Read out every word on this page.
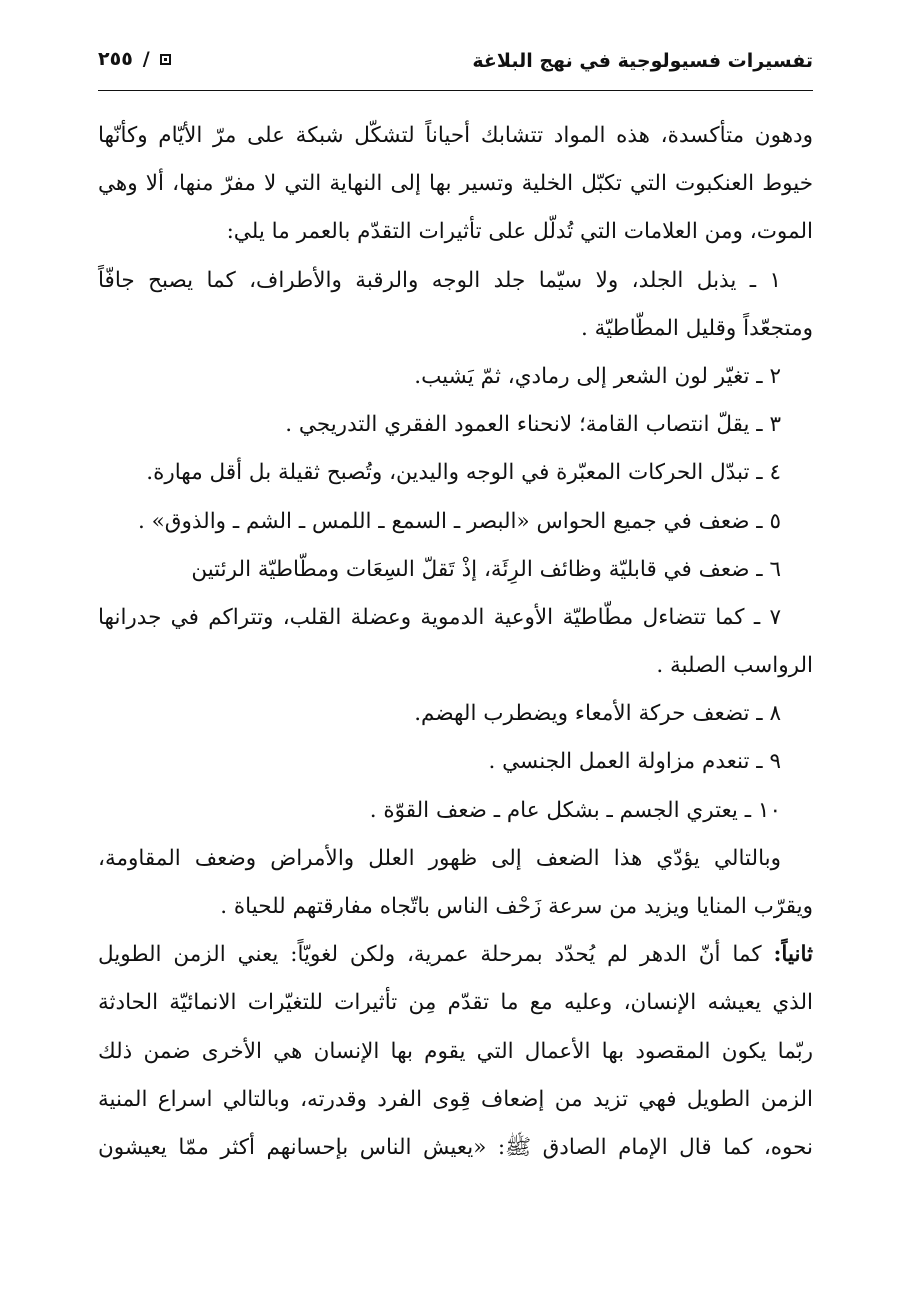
تفسيرات فسيولوجية في نهج البلاغة
٢٥٥ /
ودهون متأكسدة، هذه المواد تتشابك أحياناً لتشكّل شبكة على مرّ الأيّام وكأنّها
خيوط العنكبوت التي تكبّل الخلية وتسير بها إلى النهاية التي لا مفرّ منها، ألا وهي
الموت، ومن العلامات التي تُدلّل على تأثيرات التقدّم بالعمر ما يلي:
١ ـ يذبل الجلد، ولا سيّما جلد الوجه والرقبة والأطراف، كما يصبح جافّاً
ومتجعّداً وقليل المطّاطيّة .
٢ ـ تغيّر لون الشعر إلى رمادي، ثمّ يَشيب.
٣ ـ يقلّ انتصاب القامة؛ لانحناء العمود الفقري التدريجي .
٤ ـ تبدّل الحركات المعبّرة في الوجه واليدين، وتُصبح ثقيلة بل أقل مهارة.
٥ ـ ضعف في جميع الحواس «البصر ـ السمع ـ اللمس ـ الشم ـ والذوق» .
٦ ـ ضعف في قابليّة وظائف الرِئَة، إذْ تَقلّ السِعَات ومطّاطيّة الرئتين
٧ ـ كما تتضاءل مطّاطيّة الأوعية الدموية وعضلة القلب، وتتراكم في جدرانها
الرواسب الصلبة .
٨ ـ تضعف حركة الأمعاء ويضطرب الهضم.
٩ ـ تنعدم مزاولة العمل الجنسي .
١٠ ـ يعتري الجسم ـ بشكل عام ـ ضعف القوّة .
وبالتالي يؤدّي هذا الضعف إلى ظهور العلل والأمراض وضعف المقاومة،
ويقرّب المنايا ويزيد من سرعة زَحْف الناس باتّجاه مفارقتهم للحياة .
ثانياً: كما أنّ الدهر لم يُحدّد بمرحلة عمرية، ولكن لغويّاً: يعني الزمن الطويل
الذي يعيشه الإنسان، وعليه مع ما تقدّم مِن تأثيرات للتغيّرات الانمائيّة الحادثة
ربّما يكون المقصود بها الأعمال التي يقوم بها الإنسان هي الأخرى ضمن ذلك
الزمن الطويل فهي تزيد من إضعاف قِوى الفرد وقدرته، وبالتالي اسراع المنية
نحوه، كما قال الإمام الصادق ﷺ: «يعيش الناس بإحسانهم أكثر ممّا يعيشون
